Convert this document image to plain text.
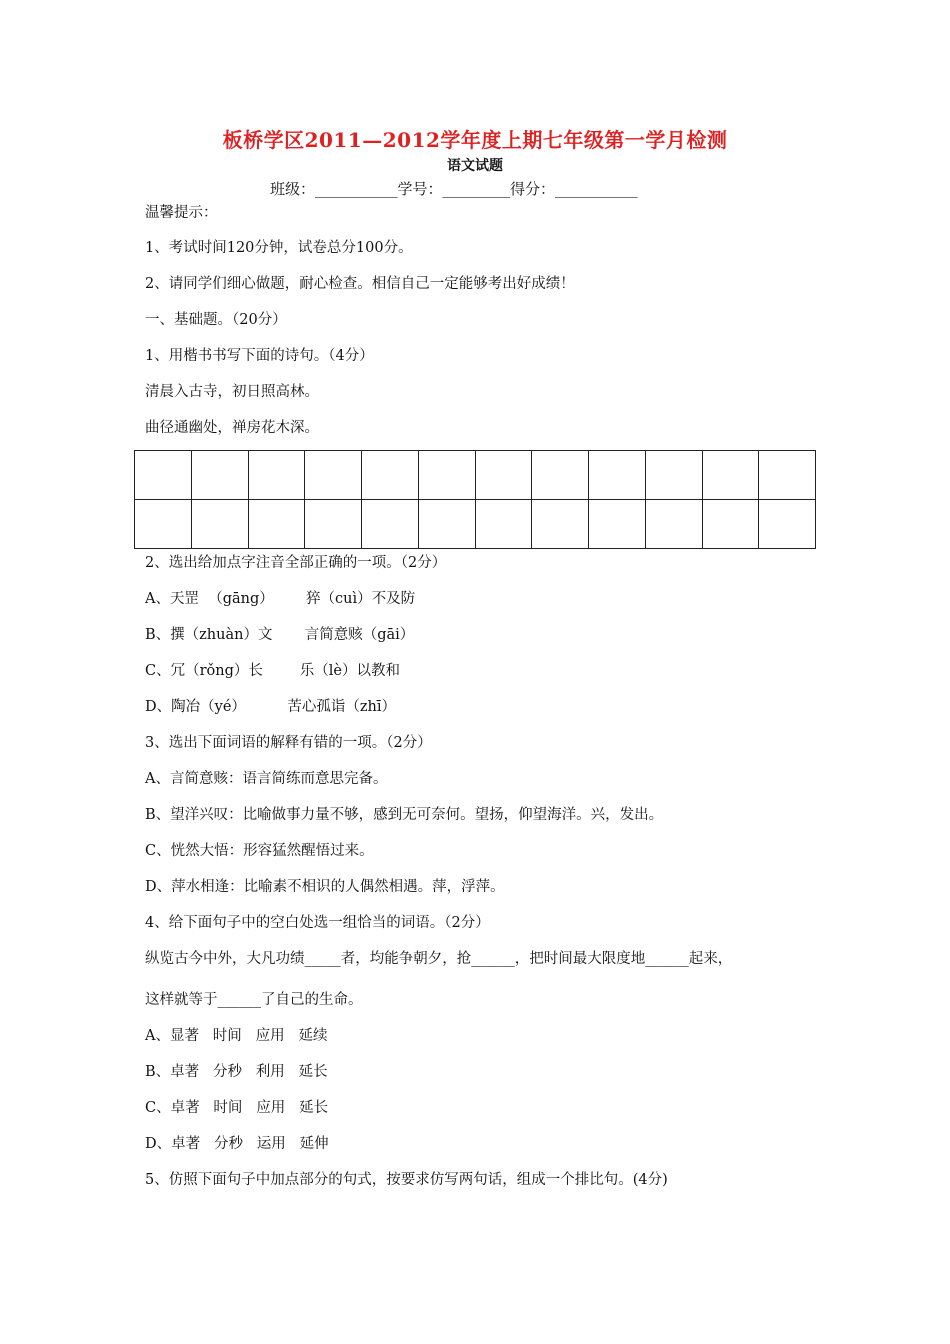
板桥学区2011—2012学年度上期七年级第一学月检测
语文试题
班级：___________学号：_________得分：___________
温馨提示：
1、考试时间120分钟，试卷总分100分。
2、请同学们细心做题，耐心检查。相信自己一定能够考出好成绩！
一、基础题。（20分）
1、用楷书书写下面的诗句。（4分）
清晨入古寺，初日照高林。
曲径通幽处，禅房花木深。

2、选出给加点字注音全部正确的一项。（2分）
A、天罡  （gāng）       猝（cuì）不及防
B、撰（zhuàn）文       言简意赅（gāi）
C、冗（rǒng）长        乐（lè）以教和
D、陶冶（yé）         苦心孤诣（zhī）
3、选出下面词语的解释有错的一项。（2分）
A、言简意赅：语言简练而意思完备。
B、望洋兴叹：比喻做事力量不够，感到无可奈何。望扬，仰望海洋。兴，发出。
C、恍然大悟：形容猛然醒悟过来。
D、萍水相逢：比喻素不相识的人偶然相遇。萍，浮萍。
4、给下面句子中的空白处选一组恰当的词语。（2分）
纵览古今中外，大凡功绩_____者，均能争朝夕，抢______，把时间最大限度地______起来，
这样就等于______了自己的生命。
A、显著   时间   应用   延续
B、卓著   分秒   利用   延长
C、卓著   时间   应用   延长
D、卓著   分秒   运用   延伸
5、仿照下面句子中加点部分的句式，按要求仿写两句话，组成一个排比句。(4分)
